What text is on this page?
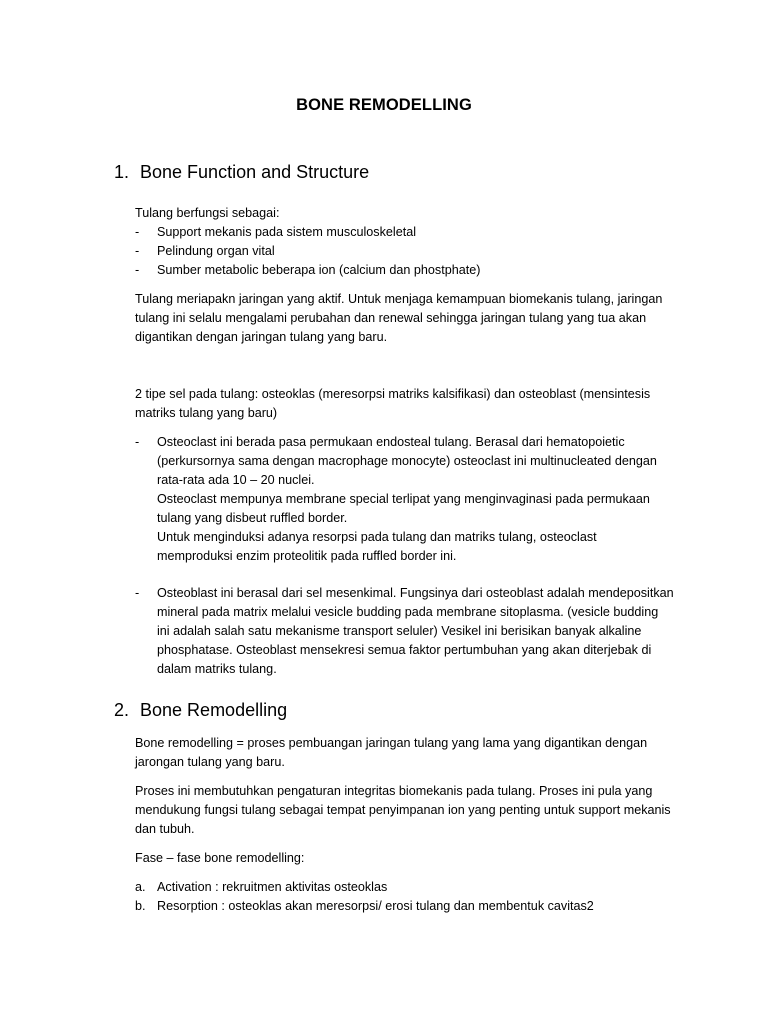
BONE REMODELLING
1. Bone Function and Structure
Tulang berfungsi sebagai:
- Support mekanis pada sistem musculoskeletal
- Pelindung organ vital
- Sumber metabolic beberapa ion (calcium dan phostphate)
Tulang meriapakn jaringan yang aktif. Untuk menjaga kemampuan biomekanis tulang, jaringan
tulang ini selalu mengalami perubahan dan renewal sehingga jaringan tulang yang tua akan
digantikan dengan jaringan tulang yang baru.
2 tipe sel pada tulang: osteoklas (meresorpsi matriks kalsifikasi) dan osteoblast (mensintesis
matriks tulang yang baru)
- Osteoclast ini berada pasa permukaan endosteal tulang. Berasal dari hematopoietic
(perkursornya sama dengan macrophage monocyte) osteoclast ini multinucleated dengan
rata-rata ada 10 – 20 nuclei.
Osteoclast mempunya membrane special terlipat yang menginvaginasi pada permukaan
tulang yang disbeut ruffled border.
Untuk menginduksi adanya resorpsi pada tulang dan matriks tulang, osteoclast
memproduksi enzim proteolitik pada ruffled border ini.
- Osteoblast ini berasal dari sel mesenkimal. Fungsinya dari osteoblast adalah mendepositkan
mineral pada matrix melalui vesicle budding pada membrane sitoplasma. (vesicle budding
ini adalah salah satu mekanisme transport seluler) Vesikel ini berisikan banyak alkaline
phosphatase. Osteoblast mensekresi semua faktor pertumbuhan yang akan diterjebak di
dalam matriks tulang.
2. Bone Remodelling
Bone remodelling = proses pembuangan jaringan tulang yang lama yang digantikan dengan
jarongan tulang yang baru.
Proses ini membutuhkan pengaturan integritas biomekanis pada tulang. Proses ini pula yang
mendukung fungsi tulang sebagai tempat penyimpanan ion yang penting untuk support mekanis
dan tubuh.
Fase – fase bone remodelling:
a. Activation : rekruitmen aktivitas osteoklas
b. Resorption : osteoklas akan meresorpsi/ erosi tulang dan membentuk cavitas2
